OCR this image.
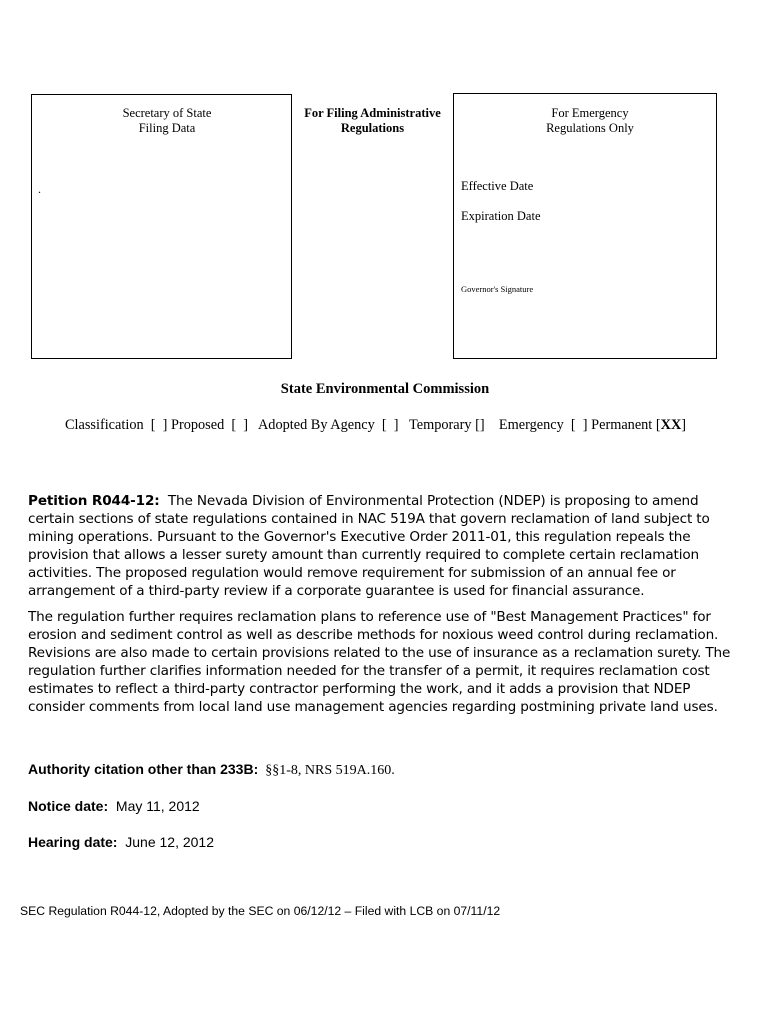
Secretary of State
Filing Data
.
For Filing Administrative
Regulations
For Emergency
Regulations Only
Effective Date
Expiration Date
Governor's Signature
State Environmental Commission
Classification  [  ] Proposed  [  ]   Adopted By Agency  [  ]   Temporary []    Emergency  [  ] Permanent [XX]
Petition R044-12: The Nevada Division of Environmental Protection (NDEP) is proposing to amend certain sections of state regulations contained in NAC 519A that govern reclamation of land subject to mining operations. Pursuant to the Governor's Executive Order 2011-01, this regulation repeals the provision that allows a lesser surety amount than currently required to complete certain reclamation activities. The proposed regulation would remove requirement for submission of an annual fee or arrangement of a third-party review if a corporate guarantee is used for financial assurance.
The regulation further requires reclamation plans to reference use of "Best Management Practices" for erosion and sediment control as well as describe methods for noxious weed control during reclamation. Revisions are also made to certain provisions related to the use of insurance as a reclamation surety. The regulation further clarifies information needed for the transfer of a permit, it requires reclamation cost estimates to reflect a third-party contractor performing the work, and it adds a provision that NDEP consider comments from local land use management agencies regarding postmining private land uses.
Authority citation other than 233B: §§1-8, NRS 519A.160.
Notice date: May 11, 2012
Hearing date: June 12, 2012
SEC Regulation R044-12, Adopted by the SEC on 06/12/12 – Filed with LCB on 07/11/12
